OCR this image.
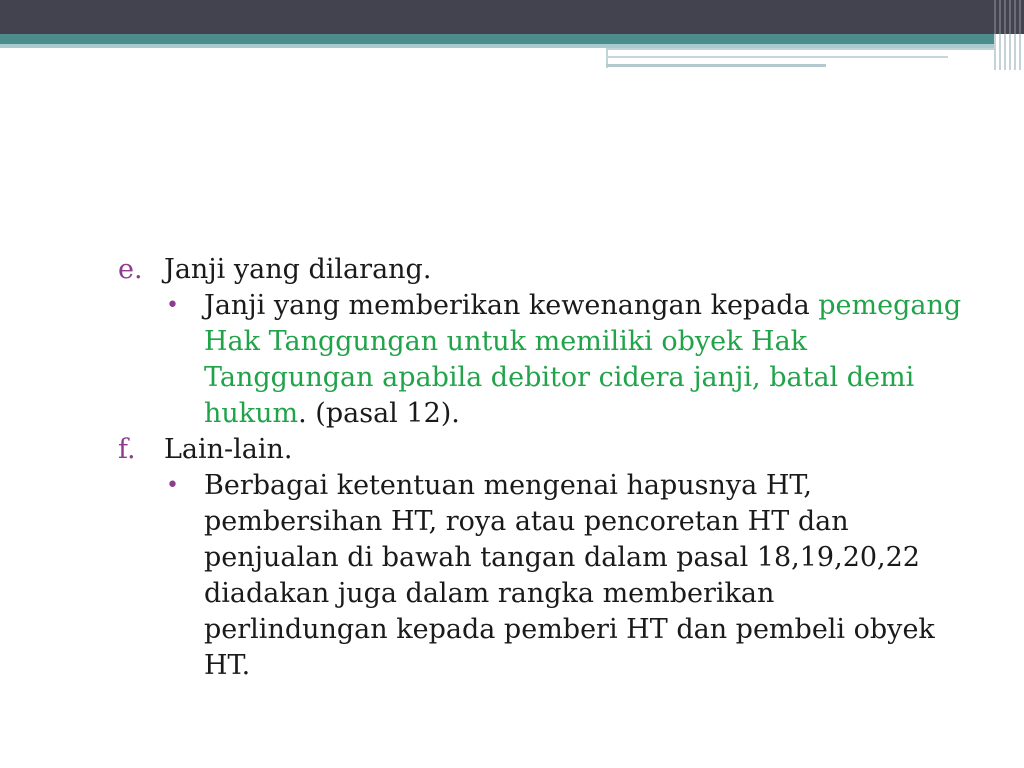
e. Janji yang dilarang.
• Janji yang memberikan kewenangan kepada pemegang Hak Tanggungan untuk memiliki obyek Hak Tanggungan apabila debitor cidera janji, batal demi hukum. (pasal 12).
f.	Lain-lain.
• Berbagai ketentuan mengenai hapusnya HT, pembersihan HT, roya atau pencoretan HT dan penjualan di bawah tangan dalam pasal 18,19,20,22 diadakan juga dalam rangka memberikan perlindungan kepada pemberi HT dan pembeli obyek HT.
